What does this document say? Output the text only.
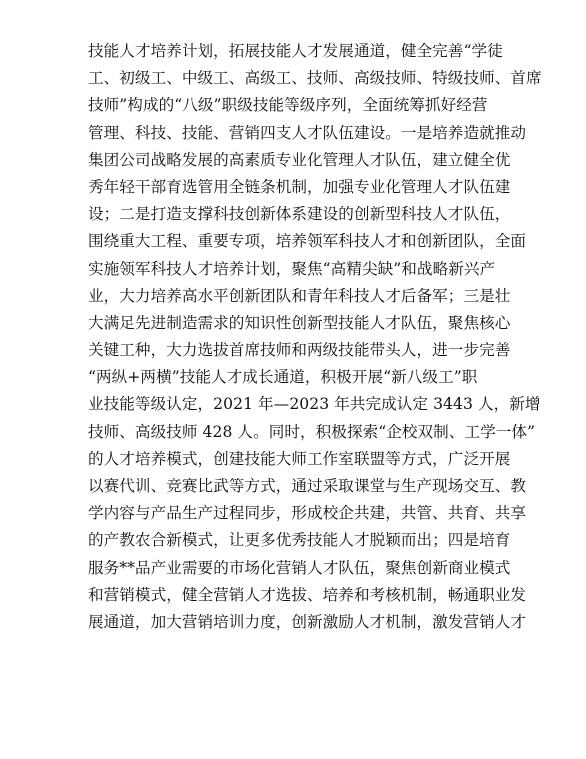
技能人才培养计划，拓展技能人才发展通道，健全完善“学徒
工、初级工、中级工、高级工、技师、高级技师、特级技师、首席
技师”构成的“八级”职级技能等级序列，全面统筹抓好经营
管理、科技、技能、营销四支人才队伍建设。一是培养造就推动
集团公司战略发展的高素质专业化管理人才队伍，建立健全优
秀年轻干部育选管用全链条机制，加强专业化管理人才队伍建
设；二是打造支撑科技创新体系建设的创新型科技人才队伍，
围绕重大工程、重要专项，培养领军科技人才和创新团队，全面
实施领军科技人才培养计划，聚焦“高精尖缺”和战略新兴产
业，大力培养高水平创新团队和青年科技人才后备军；三是壮
大满足先进制造需求的知识性创新型技能人才队伍，聚焦核心
关键工种，大力选拔首席技师和两级技能带头人，进一步完善
“两纵+两横”技能人才成长通道，积极开展“新八级工”职
业技能等级认定，2021 年—2023 年共完成认定 3443 人，新增
技师、高级技师 428 人。同时，积极探索“企校双制、工学一体”
的人才培养模式，创建技能大师工作室联盟等方式，广泛开展
以赛代训、竞赛比武等方式，通过采取课堂与生产现场交互、教
学内容与产品生产过程同步，形成校企共建，共管、共育、共享
的产教农合新模式，让更多优秀技能人才脱颖而出；四是培育
服务**品产业需要的市场化营销人才队伍，聚焦创新商业模式
和营销模式，健全营销人才选拔、培养和考核机制，畅通职业发
展通道，加大营销培训力度，创新激励人才机制，激发营销人才
